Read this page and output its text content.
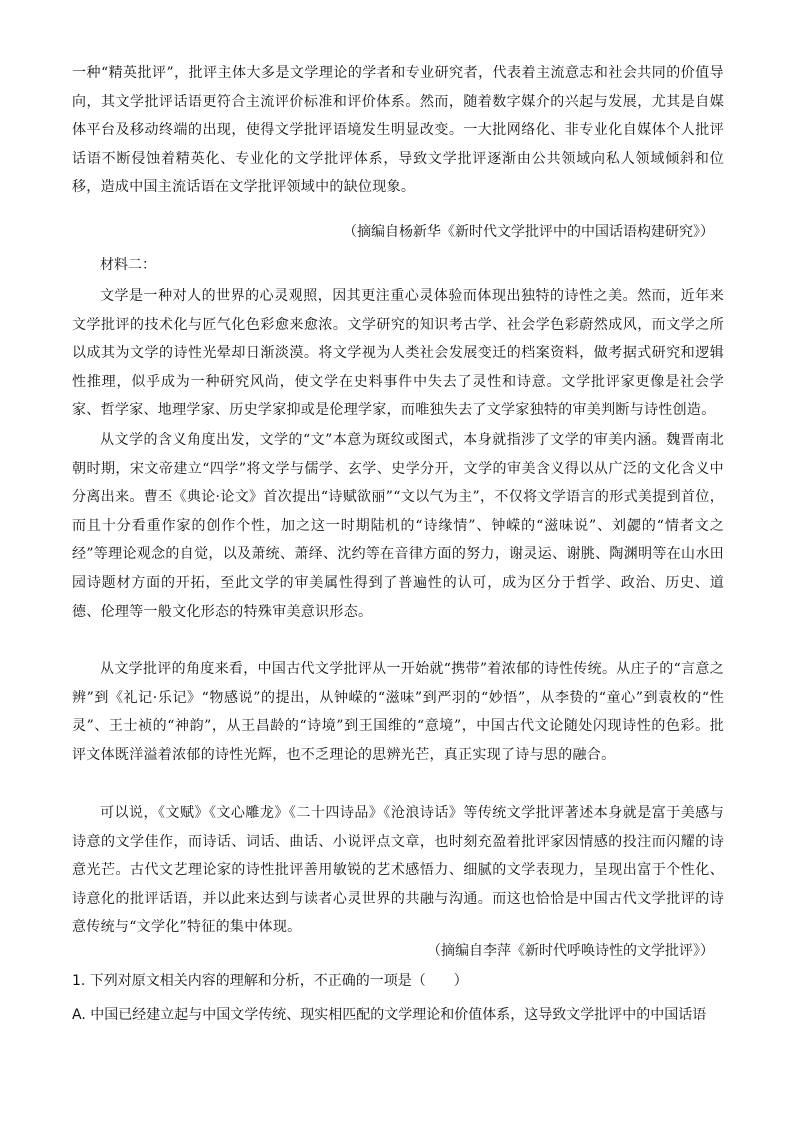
一种“精英批评”，批评主体大多是文学理论的学者和专业研究者，代表着主流意志和社会共同的价值导向，其文学批评话语更符合主流评价标准和评价体系。然而，随着数字媒介的兴起与发展，尤其是自媒体平台及移动终端的出现，使得文学批评语境发生明显改变。一大批网络化、非专业化自媒体个人批评话语不断侵蚀着精英化、专业化的文学批评体系，导致文学批评逐渐由公共领域向私人领域倾斜和位移，造成中国主流话语在文学批评领域中的缺位现象。

（摘编自杨新华《新时代文学批评中的中国话语构建研究》）

材料二：

文学是一种对人的世界的心灵观照，因其更注重心灵体验而体现出独特的诗性之美。然而，近年来文学批评的技术化与匠气化色彩愈来愈浓。文学研究的知识考古学、社会学色彩蔚然成风，而文学之所以成其为文学的诗性光晕却日渐淡漠。将文学视为人类社会发展变迁的档案资料，做考据式研究和逻辑性推理，似乎成为一种研究风尚，使文学在史料事件中失去了灵性和诗意。文学批评家更像是社会学家、哲学家、地理学家、历史学家抑或是伦理学家，而唯独失去了文学家独特的审美判断与诗性创造。

从文学的含义角度出发，文学的“文”本意为斑纹或图式，本身就指涉了文学的审美内涵。魏晋南北朝时期，宋文帝建立“四学”将文学与儒学、玄学、史学分开，文学的审美含义得以从广泛的文化含义中分离出来。曹丕《典论·论文》首次提出“诗赋欲丽”“文以气为主”，不仅将文学语言的形式美提到首位，而且十分看重作家的创作个性，加之这一时期陆机的“诗缘情”、钟嵘的“滋味说”、刘勰的“情者文之经”等理论观念的自觉，以及萧统、萧绎、沈约等在音律方面的努力，谢灵运、谢朓、陶渊明等在山水田园诗题材方面的开拓，至此文学的审美属性得到了普遍性的认可，成为区分于哲学、政治、历史、道德、伦理等一般文化形态的特殊审美意识形态。

从文学批评的角度来看，中国古代文学批评从一开始就“携带”着浓郁的诗性传统。从庄子的“言意之辨”到《礼记·乐记》“物感说”的提出，从钟嵘的“滋味”到严羽的“妙悟”，从李贽的“童心”到袁枚的“性灵”、王士祯的“神韵”，从王昌龄的“诗境”到王国维的“意境”，中国古代文论随处闪现诗性的色彩。批评文体既洋溢着浓郁的诗性光辉，也不乏理论的思辨光芒，真正实现了诗与思的融合。

可以说，《文赋》《文心雕龙》《二十四诗品》《沧浪诗话》等传统文学批评著述本身就是富于美感与诗意的文学佳作，而诗话、词话、曲话、小说评点文章，也时刻充盈着批评家因情感的投注而闪耀的诗意光芒。古代文艺理论家的诗性批评善用敏锐的艺术感悟力、细腻的文学表现力，呈现出富于个性化、诗意化的批评话语，并以此来达到与读者心灵世界的共融与沟通。而这也恰恰是中国古代文学批评的诗意传统与“文学化”特征的集中体现。

（摘编自李萍《新时代呼唤诗性的文学批评》）

1. 下列对原文相关内容的理解和分析，不正确的一项是（　　）

A. 中国已经建立起与中国文学传统、现实相匹配的文学理论和价值体系，这导致文学批评中的中国话语
